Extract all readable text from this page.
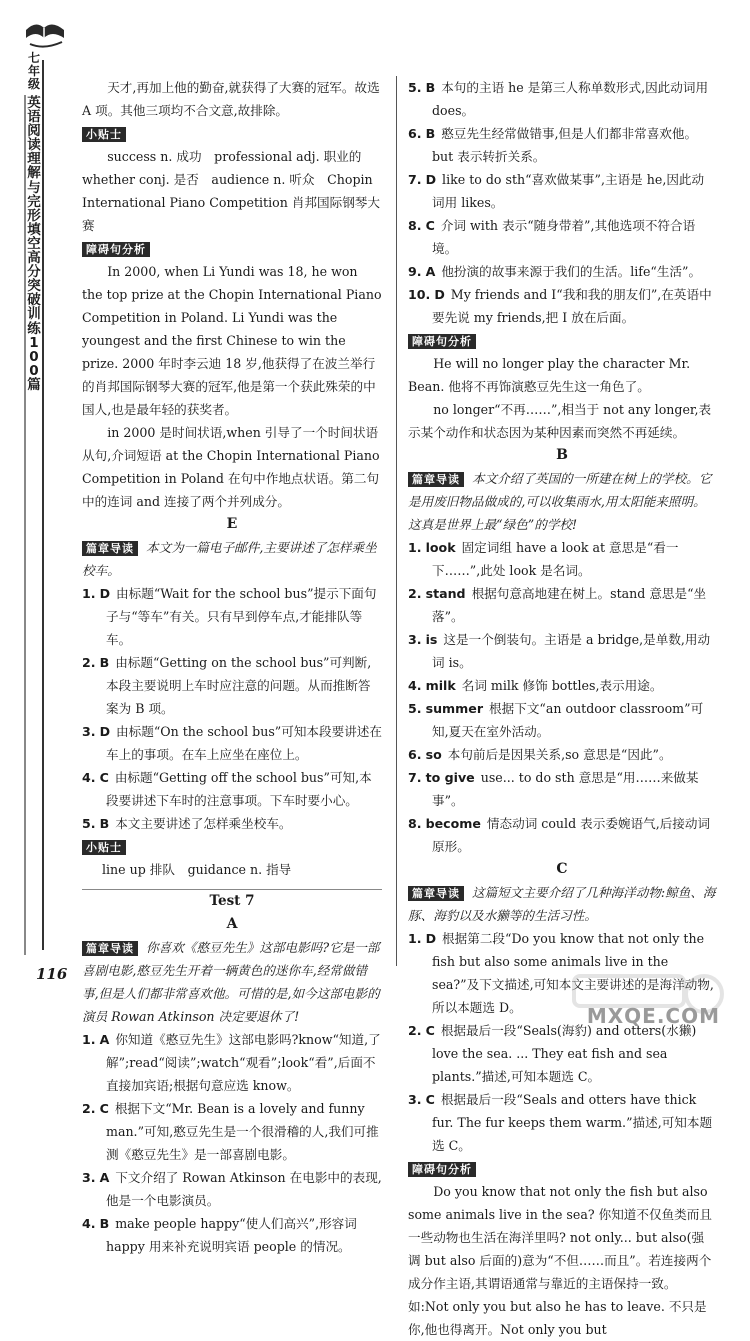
七年级
英
语
阅
读
理
解
与
完
形
填
空
高
分
突
破
训
练
1
0
0
篇

天才,再加上他的勤奋,就获得了大赛的冠军。故选 A 项。其他三项均不合文意,故排除。

小贴士

success n. 成功　professional adj. 职业的　whether conj. 是否　audience n. 听众　Chopin International Piano Competition 肖邦国际钢琴大赛

障碍句分析

In 2000, when Li Yundi was 18, he won the top prize at the Chopin International Piano Competition in Poland. Li Yundi was the youngest and the first Chinese to win the prize. 2000 年时李云迪 18 岁,他获得了在波兰举行的肖邦国际钢琴大赛的冠军,他是第一个获此殊荣的中国人,也是最年轻的获奖者。

in 2000 是时间状语,when 引导了一个时间状语从句,介词短语 at the Chopin International Piano Competition in Poland 在句中作地点状语。第二句中的连词 and 连接了两个并列成分。

E

篇章导读 本文为一篇电子邮件,主要讲述了怎样乘坐校车。

1. D 由标题“Wait for the school bus”提示下面句子与“等车”有关。只有早到停车点,才能排队等车。

2. B 由标题“Getting on the school bus”可判断,本段主要说明上车时应注意的问题。从而推断答案为 B 项。

3. D 由标题“On the school bus”可知本段要讲述在车上的事项。在车上应坐在座位上。

4. C 由标题“Getting off the school bus”可知,本段要讲述下车时的注意事项。下车时要小心。

5. B 本文主要讲述了怎样乘坐校车。

小贴士

line up 排队　guidance n. 指导

Test 7
A

篇章导读 你喜欢《憨豆先生》这部电影吗?它是一部喜剧电影,憨豆先生开着一辆黄色的迷你车,经常做错事,但是人们都非常喜欢他。可惜的是,如今这部电影的演员 Rowan Atkinson 决定要退休了!

1. A 你知道《憨豆先生》这部电影吗?know“知道,了解”;read“阅读”;watch“观看”;look“看”,后面不直接加宾语;根据句意应选 know。

2. C 根据下文“Mr. Bean is a lovely and funny man.”可知,憨豆先生是一个很滑稽的人,我们可推测《憨豆先生》是一部喜剧电影。

3. A 下文介绍了 Rowan Atkinson 在电影中的表现,他是一个电影演员。

4. B make people happy“使人们高兴”,形容词 happy 用来补充说明宾语 people 的情况。

5. B 本句的主语 he 是第三人称单数形式,因此动词用 does。

6. B 憨豆先生经常做错事,但是人们都非常喜欢他。but 表示转折关系。

7. D like to do sth“喜欢做某事”,主语是 he,因此动词用 likes。

8. C 介词 with 表示“随身带着”,其他选项不符合语境。

9. A 他扮演的故事来源于我们的生活。life“生活”。

10. D My friends and I“我和我的朋友们”,在英语中要先说 my friends,把 I 放在后面。

障碍句分析

He will no longer play the character Mr. Bean. 他将不再饰演憨豆先生这一角色了。

no longer“不再……”,相当于 not any longer,表示某个动作和状态因为某种因素而突然不再延续。

B

篇章导读 本文介绍了英国的一所建在树上的学校。它是用废旧物品做成的,可以收集雨水,用太阳能来照明。这真是世界上最“绿色”的学校!

1. look 固定词组 have a look at 意思是“看一下……”,此处 look 是名词。

2. stand 根据句意高地建在树上。stand 意思是“坐落”。

3. is 这是一个倒装句。主语是 a bridge,是单数,用动词 is。

4. milk 名词 milk 修饰 bottles,表示用途。

5. summer 根据下文“an outdoor classroom”可知,夏天在室外活动。

6. so 本句前后是因果关系,so 意思是“因此”。

7. to give use... to do sth 意思是“用……来做某事”。

8. become 情态动词 could 表示委婉语气,后接动词原形。

C

篇章导读 这篇短文主要介绍了几种海洋动物:鲸鱼、海豚、海豹以及水獭等的生活习性。

1. D 根据第二段“Do you know that not only the fish but also some animals live in the sea?”及下文描述,可知本文主要讲述的是海洋动物,所以本题选 D。

2. C 根据最后一段“Seals(海豹) and otters(水獭) love the sea. ... They eat fish and sea plants.”描述,可知本题选 C。

3. C 根据最后一段“Seals and otters have thick fur. The fur keeps them warm.”描述,可知本题选 C。

障碍句分析

Do you know that not only the fish but also some animals live in the sea? 你知道不仅鱼类而且一些动物也生活在海洋里吗? not only... but also(强调 but also 后面的)意为“不但……而且”。若连接两个成分作主语,其谓语通常与靠近的主语保持一致。如:Not only you but also he has to leave. 不只是你,他也得离开。Not only you but

116
MXQE.COM
